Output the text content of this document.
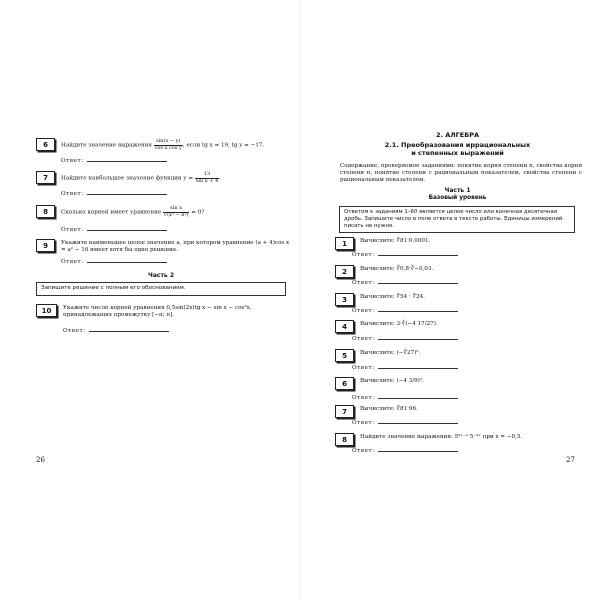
6	Найдите значение выражения $\frac{\sin(x - y)}{\text{cos x cos y}}$ , если tg x = 19, tg y = −17.
Ответ:
7	Найдите наибольшее значение функции $y = \frac{13}{\text{sin x + 4}}$ .
Ответ:
8	Сколько корней имеет уравнение $\frac{\text{sin x}}{\text{√(x² − π²)}} = 0$?
Ответ:
9	Укажите наименьшее целое значение a, при котором уравнение (a + 4)cos x = a² − 16 имеет хотя бы одно решение.
Ответ:
Часть 2
Запишите решение с полным его обоснованием.
10	Укажите число корней уравнения 0,5sin(2x)tg x − sin x − cos²x, принадлежащих промежутку [−π; π].
Ответ:
26
2. АЛГЕБРА
2.1. Преобразования иррациональных
и степенных выражений
Содержание, проверяемое заданиями: понятие корня степени n, свойства корня степени n, понятие степени с рациональным показателем, свойства степени с рациональным показателем.
Часть 1
Базовый уровень
Ответом к заданиям 1–60 является целое число или конечная десятичная дробь. Запишите число в поле ответа в тексте работы. Единицы измерений писать не нужно.
1	Вычислите: ∜81·0,0001.
Ответ:
2	Вычислите: ∛0,8·∛−0,03.
Ответ:
3	Вычислите: ∜54 · ∜24.
Ответ:
4	Вычислите: 3·∛(−4 17/27).
Ответ:
5	Вычислите: (−∛27)⁶.
Ответ:
6	Вычислите: (−4 3/9)².
Ответ:
7	Вычислите: ∛81·96.
Ответ:
8	Найдите значение выражения: 5²ˣ⁻¹·5⁻²ˣ при x = −0,5.
Ответ:
27
